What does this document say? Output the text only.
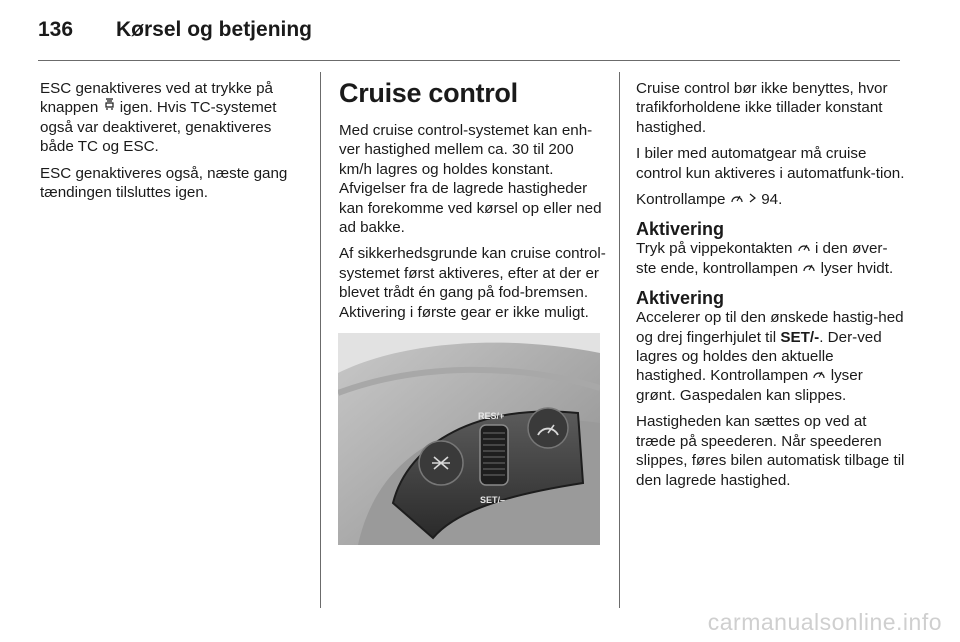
136 Kørsel og betjening

ESC genaktiveres ved at trykke på knappen igen. Hvis TC-systemet også var deaktiveret, genaktiveres både TC og ESC.

ESC genaktiveres også, næste gang tændingen tilsluttes igen.

Cruise control

Med cruise control-systemet kan enh-ver hastighed mellem ca. 30 til 200 km/h lagres og holdes konstant. Afvigelser fra de lagrede hastigheder kan forekomme ved kørsel op eller ned ad bakke.

Af sikkerhedsgrunde kan cruise control-systemet først aktiveres, efter at der er blevet trådt én gang på fod-bremsen. Aktivering i første gear er ikke muligt.

RES/+
SET/–

Cruise control bør ikke benyttes, hvor trafikforholdene ikke tillader konstant hastighed.

I biler med automatgear må cruise control kun aktiveres i automatfunk-tion.

Kontrollampe 94.

Aktivering

Tryk på vippekontakten i den øver-ste ende, kontrollampen lyser hvidt.

Aktivering

Accelerer op til den ønskede hastig-hed og drej fingerhjulet til SET/-. Der-ved lagres og holdes den aktuelle hastighed. Kontrollampen lyser grønt. Gaspedalen kan slippes.

Hastigheden kan sættes op ved at træde på speederen. Når speederen slippes, føres bilen automatisk tilbage til den lagrede hastighed.

carmanualsonline.info
